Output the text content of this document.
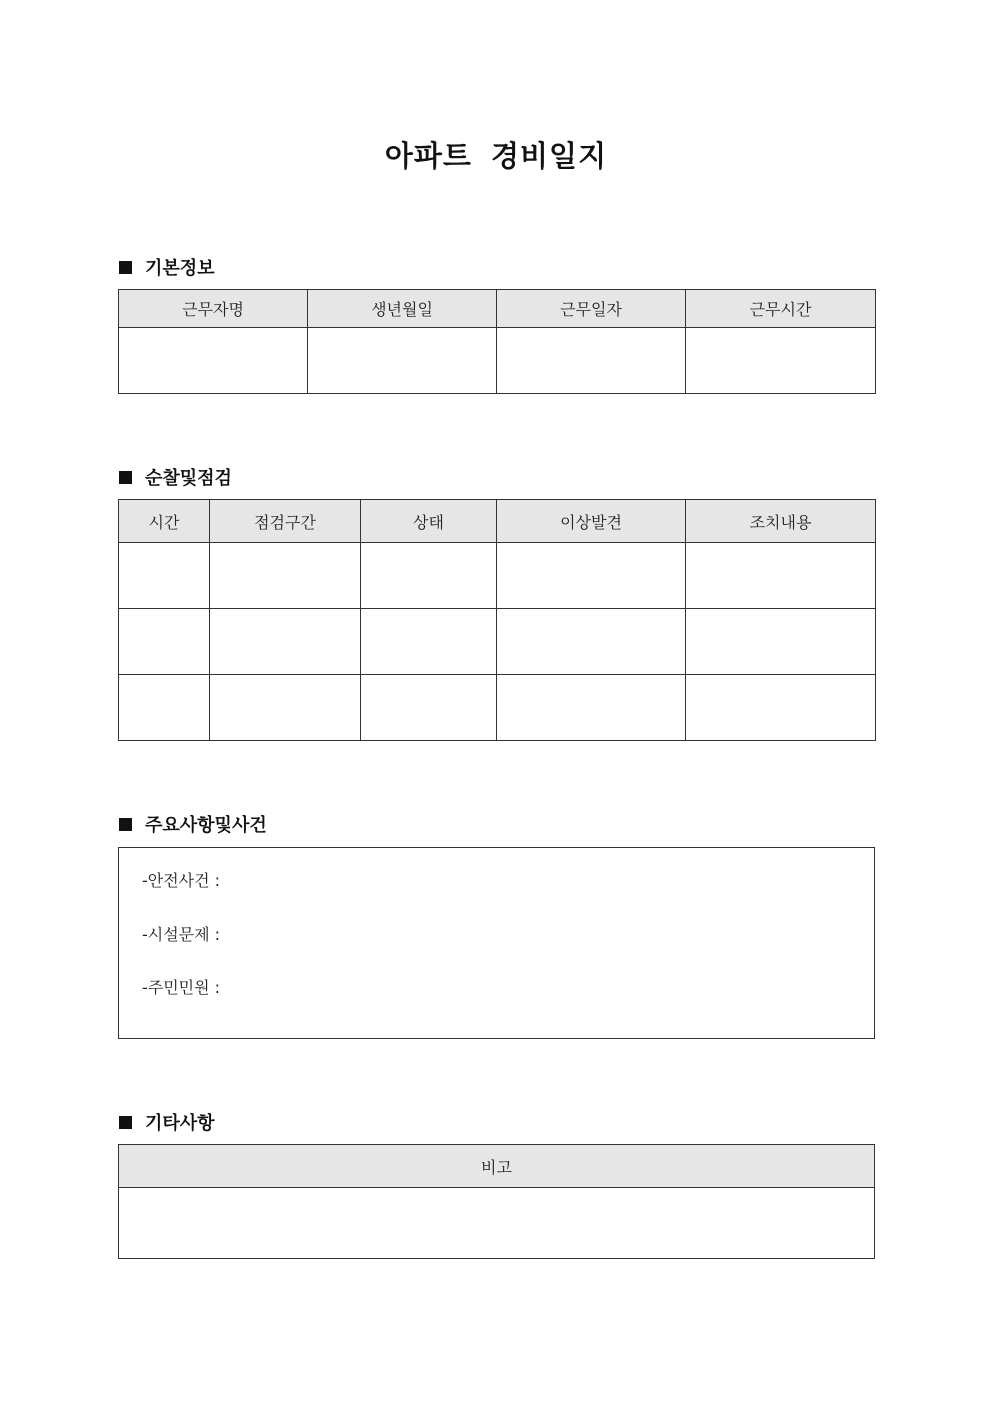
아파트 경비일지
기본정보
근무자명	생년월일	근무일자	근무시간

순찰및점검
시간	점검구간	상태	이상발견	조치내용

주요사항및사건
-안전사건 :
-시설문제 :
-주민민원 :
기타사항
비고
